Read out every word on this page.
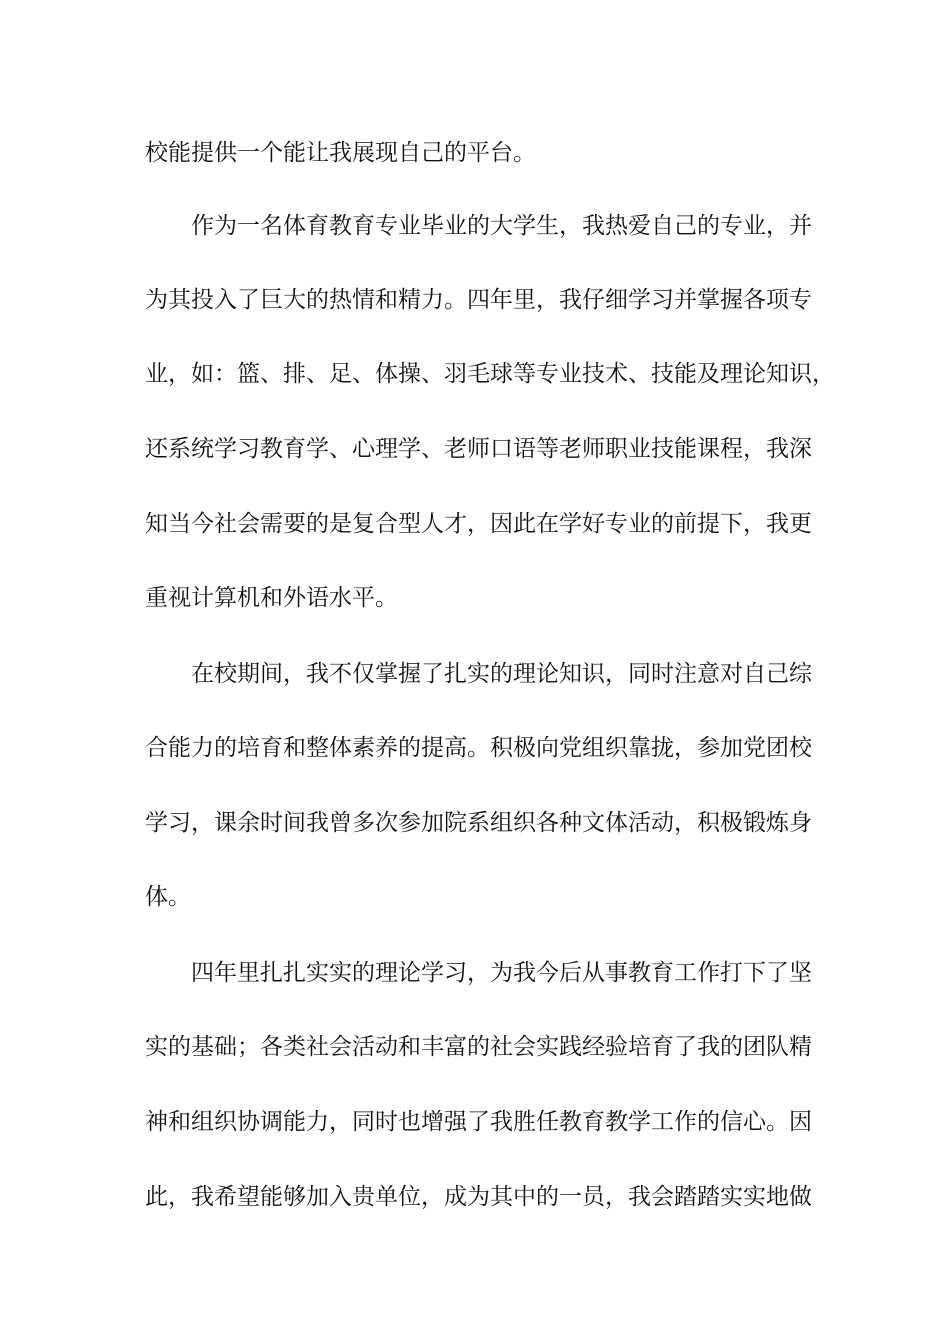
校能提供一个能让我展现自己的平台。
作为一名体育教育专业毕业的大学生，我热爱自己的专业，并
为其投入了巨大的热情和精力。四年里，我仔细学习并掌握各项专
业，如：篮、排、足、体操、羽毛球等专业技术、技能及理论知识，
还系统学习教育学、心理学、老师口语等老师职业技能课程，我深
知当今社会需要的是复合型人才，因此在学好专业的前提下，我更
重视计算机和外语水平。
在校期间，我不仅掌握了扎实的理论知识，同时注意对自己综
合能力的培育和整体素养的提高。积极向党组织靠拢，参加党团校
学习，课余时间我曾多次参加院系组织各种文体活动，积极锻炼身
体。
四年里扎扎实实的理论学习，为我今后从事教育工作打下了坚
实的基础；各类社会活动和丰富的社会实践经验培育了我的团队精
神和组织协调能力，同时也增强了我胜任教育教学工作的信心。因
此，我希望能够加入贵单位，成为其中的一员，我会踏踏实实地做
